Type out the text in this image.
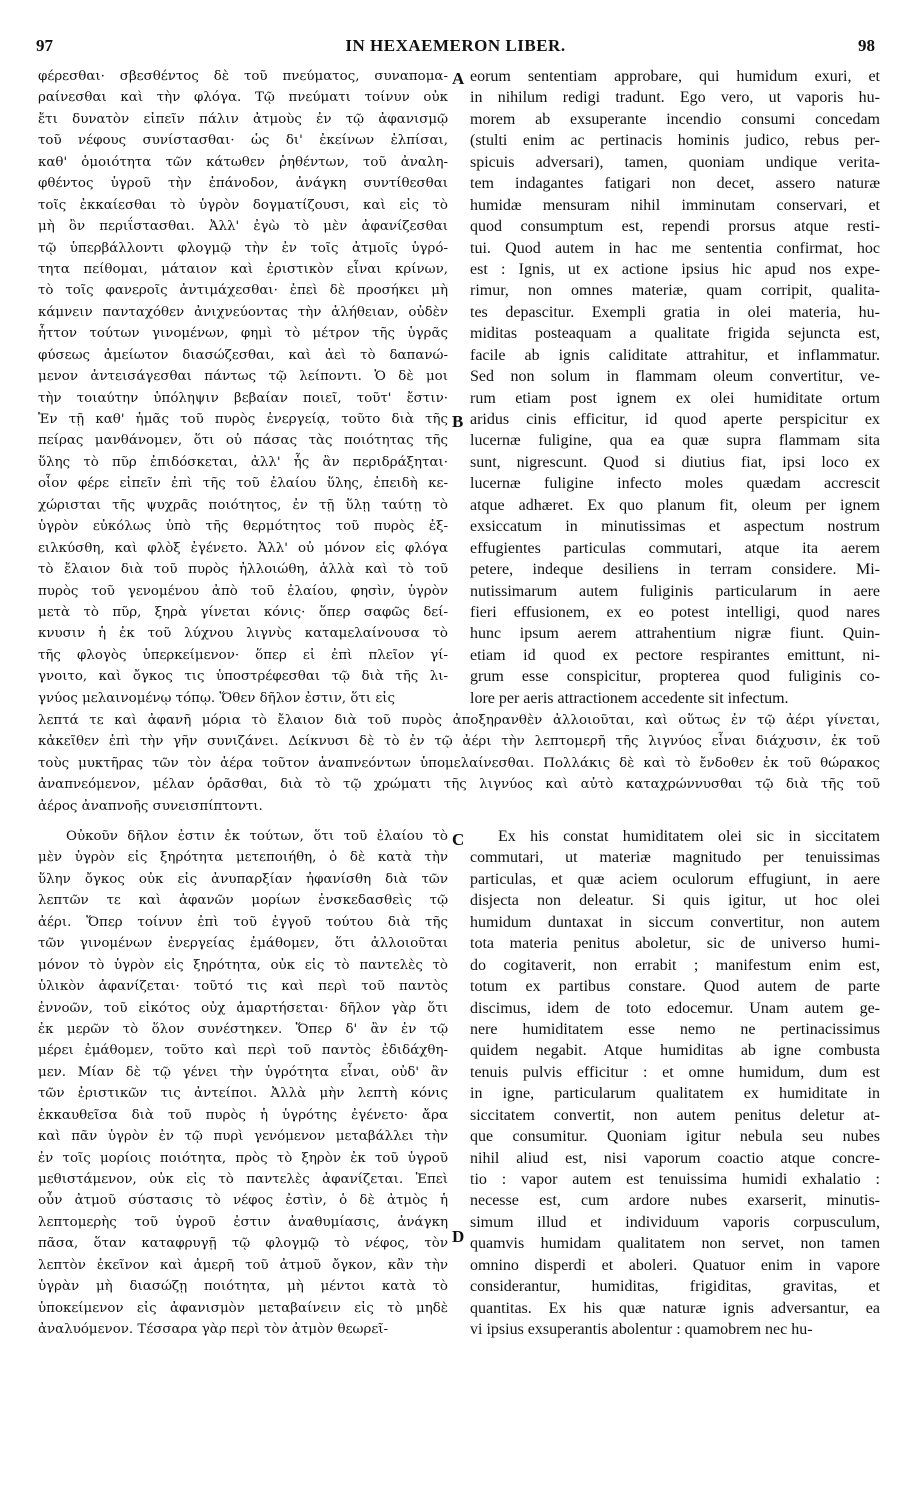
97	IN HEXAEMERON LIBER.	98
A
B
C
D
φέρεσθαι· σβεσθέντος δὲ τοῦ πνεύματος, συναπομα-
ραίνεσθαι καὶ τὴν φλόγα. Τῷ πνεύματι τοίνυν οὐκ
ἔτι δυνατὸν εἰπεῖν πάλιν ἀτμοὺς ἐν τῷ ἀφανισμῷ
τοῦ νέφους συνίστασθαι· ὡς δι' ἐκείνων ἐλπίσαι,
καθ' ὁμοιότητα τῶν κάτωθεν ῥηθέντων, τοῦ ἀναλη-
φθέντος ὑγροῦ τὴν ἐπάνοδον, ἀνάγκη συντίθεσθαι
τοῖς ἐκκαίεσθαι τὸ ὑγρὸν δογματίζουσι, καὶ εἰς τὸ
μὴ ὂν περιΐστασθαι. Ἀλλ' ἐγὼ τὸ μὲν ἀφανίζεσθαι
τῷ ὑπερβάλλοντι φλογμῷ τὴν ἐν τοῖς ἀτμοῖς ὑγρό-
τητα πείθομαι, μάταιον καὶ ἐριστικὸν εἶναι κρίνων,
τὸ τοῖς φανεροῖς ἀντιμάχεσθαι· ἐπεὶ δὲ προσήκει μὴ
κάμνειν πανταχόθεν ἀνιχνεύοντας τὴν ἀλήθειαν, οὐδὲν
ἧττον τούτων γινομένων, φημὶ τὸ μέτρον τῆς ὑγρᾶς
φύσεως ἀμείωτον διασώζεσθαι, καὶ ἀεὶ τὸ δαπανώ-
μενον ἀντεισάγεσθαι πάντως τῷ λείποντι. Ὁ δὲ μοι
τὴν τοιαύτην ὑπόληψιν βεβαίαν ποιεῖ, τοῦτ' ἔστιν·
Ἐν τῇ καθ' ἡμᾶς τοῦ πυρὸς ἐνεργείᾳ, τοῦτο διὰ τῆς
πείρας μανθάνομεν, ὅτι οὐ πάσας τὰς ποιότητας τῆς
ὕλης τὸ πῦρ ἐπιδόσκεται, ἀλλ' ἧς ἂν περιδράξηται·
οἷον φέρε εἰπεῖν ἐπὶ τῆς τοῦ ἐλαίου ὕλης, ἐπειδὴ κε-
χώρισται τῆς ψυχρᾶς ποιότητος, ἐν τῇ ὕλῃ ταύτῃ τὸ
ὑγρὸν εὐκόλως ὑπὸ τῆς θερμότητος τοῦ πυρὸς ἐξ-
ειλκύσθη, καὶ φλὸξ ἐγένετο. Ἀλλ' οὐ μόνον εἰς φλόγα
τὸ ἔλαιον διὰ τοῦ πυρὸς ἠλλοιώθη, ἀλλὰ καὶ τὸ τοῦ
πυρὸς τοῦ γενομένου ἀπὸ τοῦ ἐλαίου, φησὶν, ὑγρὸν
μετὰ τὸ πῦρ, ξηρὰ γίνεται κόνις· ὅπερ σαφῶς δεί-
κνυσιν ἡ ἐκ τοῦ λύχνου λιγνὺς καταμελαίνουσα τὸ
τῆς φλογὸς ὑπερκείμενον· ὅπερ εἰ ἐπὶ πλεῖον γί-
γνοιτο, καὶ ὄγκος τις ὑποστρέφεσθαι τῷ διὰ τῆς λι-
γνύος μελαινομένῳ τόπῳ. Ὅθεν δῆλον ἐστιν, ὅτι εἰς
eorum sententiam approbare, qui humidum exuri, et
in nihilum redigi tradunt. Ego vero, ut vaporis hu-
morem ab exsuperante incendio consumi concedam
(stulti enim ac pertinacis hominis judico, rebus per-
spicuis adversari), tamen, quoniam undique verita-
tem indagantes fatigari non decet, assero naturæ
humidæ mensuram nihil imminutam conservari, et
quod consumptum est, rependi prorsus atque resti-
tui. Quod autem in hac me sententia confirmat, hoc
est : Ignis, ut ex actione ipsius hic apud nos expe-
rimur, non omnes materiæ, quam corripit, qualita-
tes depascitur. Exempli gratia in olei materia, hu-
miditas posteaquam a qualitate frigida sejuncta est,
facile ab ignis caliditate attrahitur, et inflammatur.
Sed non solum in flammam oleum convertitur, ve-
rum etiam post ignem ex olei humiditate ortum
aridus cinis efficitur, id quod aperte perspicitur ex
lucernæ fuligine, qua ea quæ supra flammam sita
sunt, nigrescunt. Quod si diutius fiat, ipsi loco ex
lucernæ fuligine infecto moles quædam accrescit
atque adhæret. Ex quo planum fit, oleum per ignem
exsiccatum in minutissimas et aspectum nostrum
effugientes particulas commutari, atque ita aerem
petere, indeque desiliens in terram considere. Mi-
nutissimarum autem fuliginis particularum in aere
fieri effusionem, ex eo potest intelligi, quod nares
hunc ipsum aerem attrahentium nigræ fiunt. Quin-
etiam id quod ex pectore respirantes emittunt, ni-
grum esse conspicitur, propterea quod fuliginis co-
lore per aeris attractionem accedente sit infectum.
λεπτά τε καὶ ἀφανῆ μόρια τὸ ἔλαιον διὰ τοῦ πυρὸς ἀποξηρανθὲν ἀλλοιοῦται, καὶ οὕτως ἐν τῷ ἀέρι γίνεται,
κἀκεῖθεν ἐπὶ τὴν γῆν συνιζάνει. Δείκνυσι δὲ τὸ ἐν τῷ ἀέρι τὴν λεπτομερῆ τῆς λιγνύος εἶναι διάχυσιν, ἐκ τοῦ
τοὺς μυκτῆρας τῶν τὸν ἀέρα τοῦτον ἀναπνεόντων ὑπομελαίνεσθαι. Πολλάκις δὲ καὶ τὸ ἔνδοθεν ἐκ τοῦ θώρακος
ἀναπνεόμενον, μέλαν ὁρᾶσθαι, διὰ τὸ τῷ χρώματι τῆς λιγνύος καὶ αὐτὸ καταχρώννυσθαι τῷ διὰ τῆς τοῦ
ἀέρος ἀναπνοῆς συνεισπίπτοντι.
Οὐκοῦν δῆλον ἐστιν ἐκ τούτων, ὅτι τοῦ ἐλαίου τὸ
μὲν ὑγρὸν εἰς ξηρότητα μετεποιήθη, ὁ δὲ κατὰ τὴν
ὕλην ὄγκος οὐκ εἰς ἀνυπαρξίαν ἠφανίσθη διὰ τῶν
λεπτῶν τε καὶ ἀφανῶν μορίων ἐνσκεδασθεὶς τῷ
ἀέρι. Ὅπερ τοίνυν ἐπὶ τοῦ ἐγγοῦ τούτου διὰ τῆς
τῶν γινομένων ἐνεργείας ἐμάθομεν, ὅτι ἀλλοιοῦται
μόνον τὸ ὑγρὸν εἰς ξηρότητα, οὐκ εἰς τὸ παντελὲς τὸ
ὑλικὸν ἀφανίζεται· τοῦτό τις καὶ περὶ τοῦ παντὸς
ἐννοῶν, τοῦ εἰκότος οὐχ ἁμαρτήσεται· δῆλον γὰρ ὅτι
ἐκ μερῶν τὸ ὅλον συνέστηκεν. Ὅπερ δ' ἂν ἐν τῷ
μέρει ἐμάθομεν, τοῦτο καὶ περὶ τοῦ παντὸς ἐδιδάχθη-
μεν. Μίαν δὲ τῷ γένει τὴν ὑγρότητα εἶναι, οὐδ' ἂν
τῶν ἐριστικῶν τις ἀντείποι. Ἀλλὰ μὴν λεπτὴ κόνις
ἐκκαυθεῖσα διὰ τοῦ πυρὸς ἡ ὑγρότης ἐγένετο· ἄρα
καὶ πᾶν ὑγρὸν ἐν τῷ πυρὶ γενόμενον μεταβάλλει τὴν
ἐν τοῖς μορίοις ποιότητα, πρὸς τὸ ξηρὸν ἐκ τοῦ ὑγροῦ
μεθιστάμενον, οὐκ εἰς τὸ παντελὲς ἀφανίζεται. Ἐπεὶ
οὖν ἀτμοῦ σύστασις τὸ νέφος ἐστὶν, ὁ δὲ ἀτμὸς ἡ
λεπτομερὴς τοῦ ὑγροῦ ἐστιν ἀναθυμίασις, ἀνάγκη
πᾶσα, ὅταν καταφρυγῇ τῷ φλογμῷ τὸ νέφος, τὸν
λεπτὸν ἐκεῖνον καὶ ἀμερῆ τοῦ ἀτμοῦ ὄγκον, κἂν τὴν
ὑγρὰν μὴ διασώζῃ ποιότητα, μὴ μέντοι κατὰ τὸ
ὑποκείμενον εἰς ἀφανισμὸν μεταβαίνειν εἰς τὸ μηδὲ
ἀναλυόμενον. Τέσσαρα γὰρ περὶ τὸν ἀτμὸν θεωρεῖ-
Ex his constat humiditatem olei sic in siccitatem
commutari, ut materiæ magnitudo per tenuissimas
particulas, et quæ aciem oculorum effugiunt, in aere
disjecta non deleatur. Si quis igitur, ut hoc olei
humidum duntaxat in siccum convertitur, non autem
tota materia penitus aboletur, sic de universo humi-
do cogitaverit, non errabit ; manifestum enim est,
totum ex partibus constare. Quod autem de parte
discimus, idem de toto edocemur. Unam autem ge-
nere humiditatem esse nemo ne pertinacissimus
quidem negabit. Atque humiditas ab igne combusta
tenuis pulvis efficitur : et omne humidum, dum est
in igne, particularum qualitatem ex humiditate in
siccitatem convertit, non autem penitus deletur at-
que consumitur. Quoniam igitur nebula seu nubes
nihil aliud est, nisi vaporum coactio atque concre-
tio : vapor autem est tenuissima humidi exhalatio :
necesse est, cum ardore nubes exarserit, minutis-
simum illud et individuum vaporis corpusculum,
quamvis humidam qualitatem non servet, non tamen
omnino disperdi et aboleri. Quatuor enim in vapore
considerantur, humiditas, frigiditas, gravitas, et
quantitas. Ex his quæ naturæ ignis adversantur, ea
vi ipsius exsuperantis abolentur : quamobrem nec hu-
